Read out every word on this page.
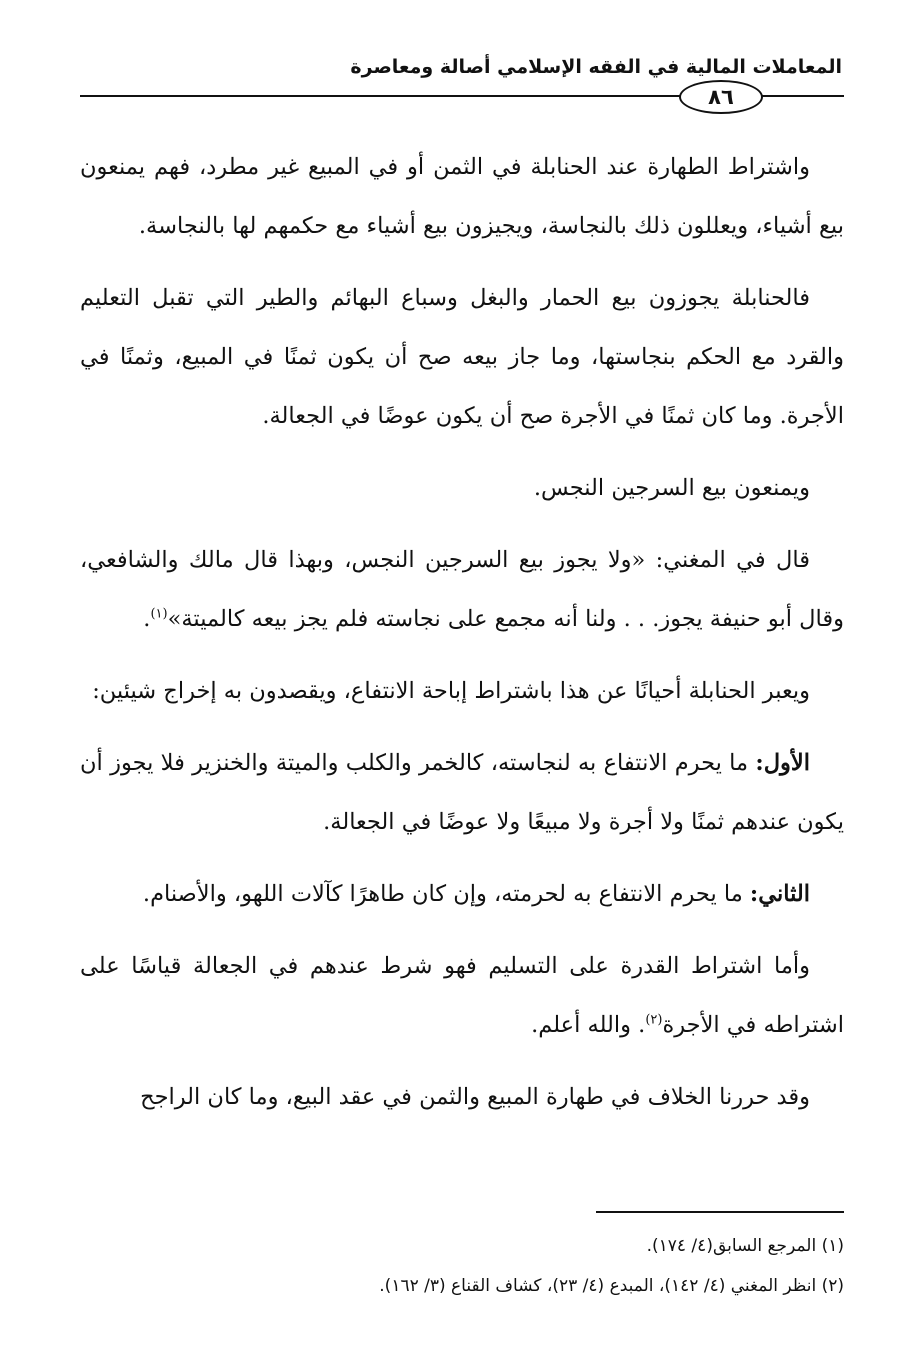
المعاملات المالية في الفقه الإسلامي أصالة ومعاصرة
٨٦

واشتراط الطهارة عند الحنابلة في الثمن أو في المبيع غير مطرد، فهم يمنعون بيع أشياء، ويعللون ذلك بالنجاسة، ويجيزون بيع أشياء مع حكمهم لها بالنجاسة.

فالحنابلة يجوزون بيع الحمار والبغل وسباع البهائم والطير التي تقبل التعليم والقرد مع الحكم بنجاستها، وما جاز بيعه صح أن يكون ثمنًا في المبيع، وثمنًا في الأجرة. وما كان ثمنًا في الأجرة صح أن يكون عوضًا في الجعالة.

ويمنعون بيع السرجين النجس.

قال في المغني: «ولا يجوز بيع السرجين النجس، وبهذا قال مالك والشافعي، وقال أبو حنيفة يجوز. . . ولنا أنه مجمع على نجاسته فلم يجز بيعه كالميتة»$^{(١)}$.

ويعبر الحنابلة أحيانًا عن هذا باشتراط إباحة الانتفاع، ويقصدون به إخراج شيئين:

الأول: ما يحرم الانتفاع به لنجاسته، كالخمر والكلب والميتة والخنزير فلا يجوز أن يكون عندهم ثمنًا ولا أجرة ولا مبيعًا ولا عوضًا في الجعالة.

الثاني: ما يحرم الانتفاع به لحرمته، وإن كان طاهرًا كآلات اللهو، والأصنام.

وأما اشتراط القدرة على التسليم فهو شرط عندهم في الجعالة قياسًا على اشتراطه في الأجرة$^{(٢)}$. والله أعلم.

وقد حررنا الخلاف في طهارة المبيع والثمن في عقد البيع، وما كان الراجح

(١) المرجع السابق(٤/ ١٧٤).
(٢) انظر المغني (٤/ ١٤٢)، المبدع (٤/ ٢٣)، كشاف القناع (٣/ ١٦٢).
